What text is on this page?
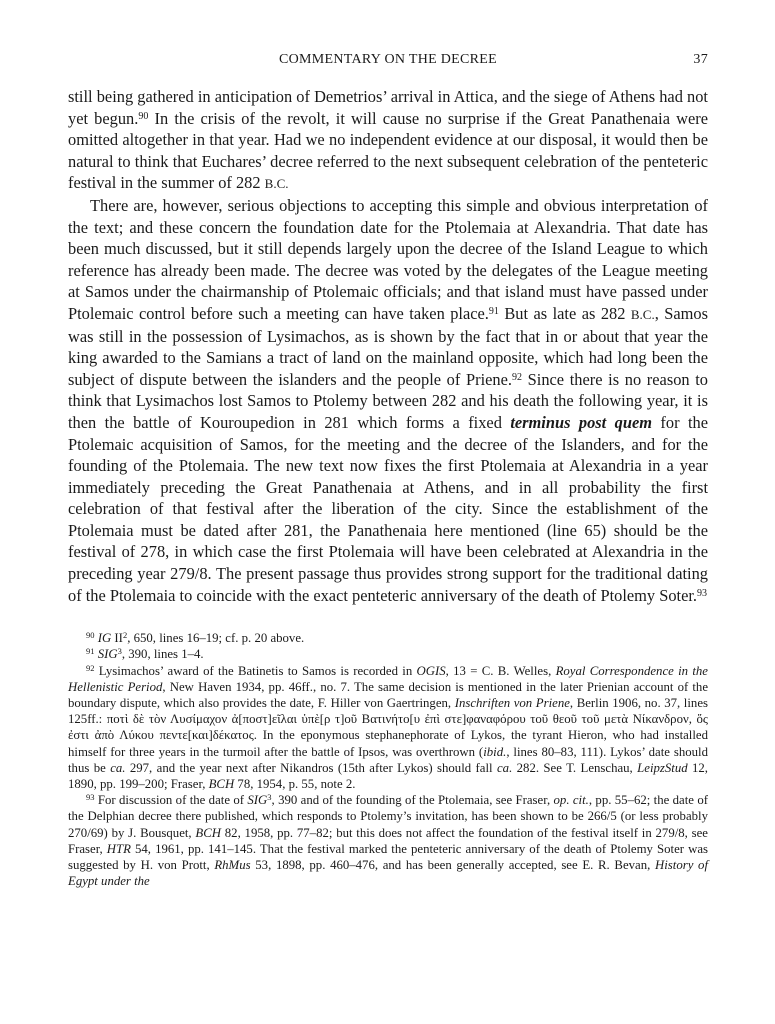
COMMENTARY ON THE DECREE	37

still being gathered in anticipation of Demetrios’ arrival in Attica, and the siege of Athens had not yet begun.$^{90}$ In the crisis of the revolt, it will cause no surprise if the Great Panathenaia were omitted altogether in that year. Had we no independent evidence at our disposal, it would then be natural to think that Euchares’ decree referred to the next subsequent celebration of the penteteric festival in the summer of 282 B.C.

There are, however, serious objections to accepting this simple and obvious interpretation of the text; and these concern the foundation date for the Ptolemaia at Alexandria. That date has been much discussed, but it still depends largely upon the decree of the Island League to which reference has already been made. The decree was voted by the delegates of the League meeting at Samos under the chairmanship of Ptolemaic officials; and that island must have passed under Ptolemaic control before such a meeting can have taken place.$^{91}$ But as late as 282 B.C., Samos was still in the possession of Lysimachos, as is shown by the fact that in or about that year the king awarded to the Samians a tract of land on the mainland opposite, which had long been the subject of dispute between the islanders and the people of Priene.$^{92}$ Since there is no reason to think that Lysimachos lost Samos to Ptolemy between 282 and his death the following year, it is then the battle of Kouroupedion in 281 which forms a fixed terminus post quem for the Ptolemaic acquisition of Samos, for the meeting and the decree of the Islanders, and for the founding of the Ptolemaia. The new text now fixes the first Ptolemaia at Alexandria in a year immediately preceding the Great Panathenaia at Athens, and in all probability the first celebration of that festival after the liberation of the city. Since the establishment of the Ptolemaia must be dated after 281, the Panathenaia here mentioned (line 65) should be the festival of 278, in which case the first Ptolemaia will have been celebrated at Alexandria in the preceding year 279/8. The present passage thus provides strong support for the traditional dating of the Ptolemaia to coincide with the exact penteteric anniversary of the death of Ptolemy Soter.$^{93}$

$^{90}$ IG $II^2$, 650, lines 16–19; cf. p. 20 above.

$^{91}$ SIG$^3$, 390, lines 1–4.

$^{92}$ Lysimachos’ award of the Batinetis to Samos is recorded in OGIS, 13 = C. B. Welles, Royal Correspondence in the Hellenistic Period, New Haven 1934, pp. 46ff., no. 7. The same decision is mentioned in the later Prienian account of the boundary dispute, which also provides the date, F. Hiller von Gaertringen, Inschriften von Priene, Berlin 1906, no. 37, lines 125ff.: ποτὶ δὲ τὸν Λυσίμαχον ἀ[ποστ]εῖλαι ὑπὲ[ρ τ]οῦ Βατινήτο[υ ἐπὶ στε]φαναφόρου τοῦ θεοῦ τοῦ μετὰ Νίκανδρον, ὅς ἐστι ἀπὸ Λύκου πεντε[και]δέκατος. In the eponymous stephanephorate of Lykos, the tyrant Hieron, who had installed himself for three years in the turmoil after the battle of Ipsos, was overthrown (ibid., lines 80–83, 111). Lykos’ date should thus be ca. 297, and the year next after Nikandros (15th after Lykos) should fall ca. 282. See T. Lenschau, LeipzStud 12, 1890, pp. 199–200; Fraser, BCH 78, 1954, p. 55, note 2.

$^{93}$ For discussion of the date of SIG$^3$, 390 and of the founding of the Ptolemaia, see Fraser, op. cit., pp. 55–62; the date of the Delphian decree there published, which responds to Ptolemy’s invitation, has been shown to be 266/5 (or less probably 270/69) by J. Bousquet, BCH 82, 1958, pp. 77–82; but this does not affect the foundation of the festival itself in 279/8, see Fraser, HTR 54, 1961, pp. 141–145. That the festival marked the penteteric anniversary of the death of Ptolemy Soter was suggested by H. von Prott, RhMus 53, 1898, pp. 460–476, and has been generally accepted, see E. R. Bevan, History of Egypt under the
